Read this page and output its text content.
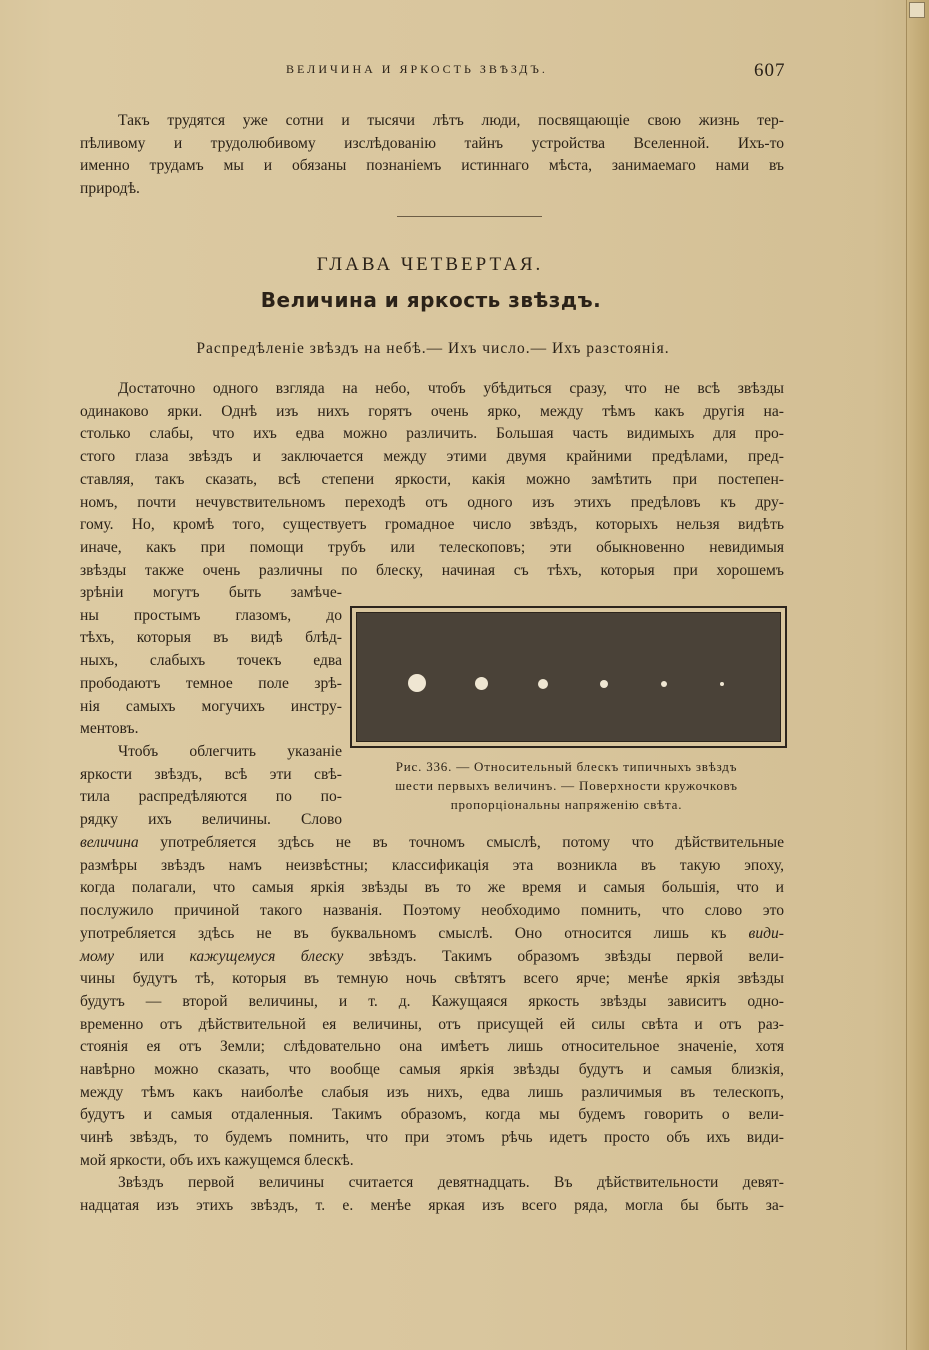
ВЕЛИЧИНА И ЯРКОСТЬ ЗВѢЗДЪ.	607
Такъ трудятся уже сотни и тысячи лѣтъ люди, посвящающіе свою жизнь тер-
пѣливому и трудолюбивому изслѣдованію тайнъ устройства Вселенной. Ихъ-то
именно трудамъ мы и обязаны познаніемъ истиннаго мѣста, занимаемаго нами въ
природѣ.
ГЛАВА ЧЕТВЕРТАЯ.
Величина и яркость звѣздъ.
Распредѣленіе звѣздъ на небѣ.— Ихъ число.— Ихъ разстоянія.
Достаточно одного взгляда на небо, чтобъ убѣдиться сразу, что не всѣ звѣзды
одинаково ярки. Однѣ изъ нихъ горятъ очень ярко, между тѣмъ какъ другія на-
столько слабы, что ихъ едва можно различить. Большая часть видимыхъ для про-
стого глаза звѣздъ и заключается между этими двумя крайними предѣлами, пред-
ставляя, такъ сказать, всѣ степени яркости, какія можно замѣтить при постепен-
номъ, почти нечувствительномъ переходѣ отъ одного изъ этихъ предѣловъ къ дру-
гому. Но, кромѣ того, существуетъ громадное число звѣздъ, которыхъ нельзя видѣть
иначе, какъ при помощи трубъ или телескоповъ; эти обыкновенно невидимыя
звѣзды также очень различны по блеску, начиная съ тѣхъ, которыя при хорошемъ
зрѣніи могутъ быть замѣче-
ны простымъ глазомъ, до
тѣхъ, которыя въ видѣ блѣд-
ныхъ, слабыхъ точекъ едва
прободаютъ темное поле зрѣ-
нія самыхъ могучихъ инстру-
ментовъ.
Чтобъ облегчить указаніе
яркости звѣздъ, всѣ эти свѣ-
тила распредѣляются по по-
рядку ихъ величины. Слово
Рис. 336. — Относительный блескъ типичныхъ звѣздъ
шести первыхъ величинъ. — Поверхности кружочковъ
пропорціональны напряженію свѣта.
величина употребляется здѣсь не въ точномъ смыслѣ, потому что дѣйствительные
размѣры звѣздъ намъ неизвѣстны; классификація эта возникла въ такую эпоху,
когда полагали, что самыя яркія звѣзды въ то же время и самыя большія, что и
послужило причиной такого названія. Поэтому необходимо помнить, что слово это
употребляется здѣсь не въ буквальномъ смыслѣ. Оно относится лишь къ види-
мому или кажущемуся блеску звѣздъ. Такимъ образомъ звѣзды первой вели-
чины будутъ тѣ, которыя въ темную ночь свѣтятъ всего ярче; менѣе яркія звѣзды
будутъ — второй величины, и т. д. Кажущаяся яркость звѣзды зависитъ одно-
временно отъ дѣйствительной ея величины, отъ присущей ей силы свѣта и отъ раз-
стоянія ея отъ Земли; слѣдовательно она имѣетъ лишь относительное значеніе, хотя
навѣрно можно сказать, что вообще самыя яркія звѣзды будутъ и самыя близкія,
между тѣмъ какъ наиболѣе слабыя изъ нихъ, едва лишь различимыя въ телескопъ,
будутъ и самыя отдаленныя. Такимъ образомъ, когда мы будемъ говорить о вели-
чинѣ звѣздъ, то будемъ помнить, что при этомъ рѣчь идетъ просто объ ихъ види-
мой яркости, объ ихъ кажущемся блескѣ.
Звѣздъ первой величины считается девятнадцать. Въ дѣйствительности девят-
надцатая изъ этихъ звѣздъ, т. е. менѣе яркая изъ всего ряда, могла бы быть за-
